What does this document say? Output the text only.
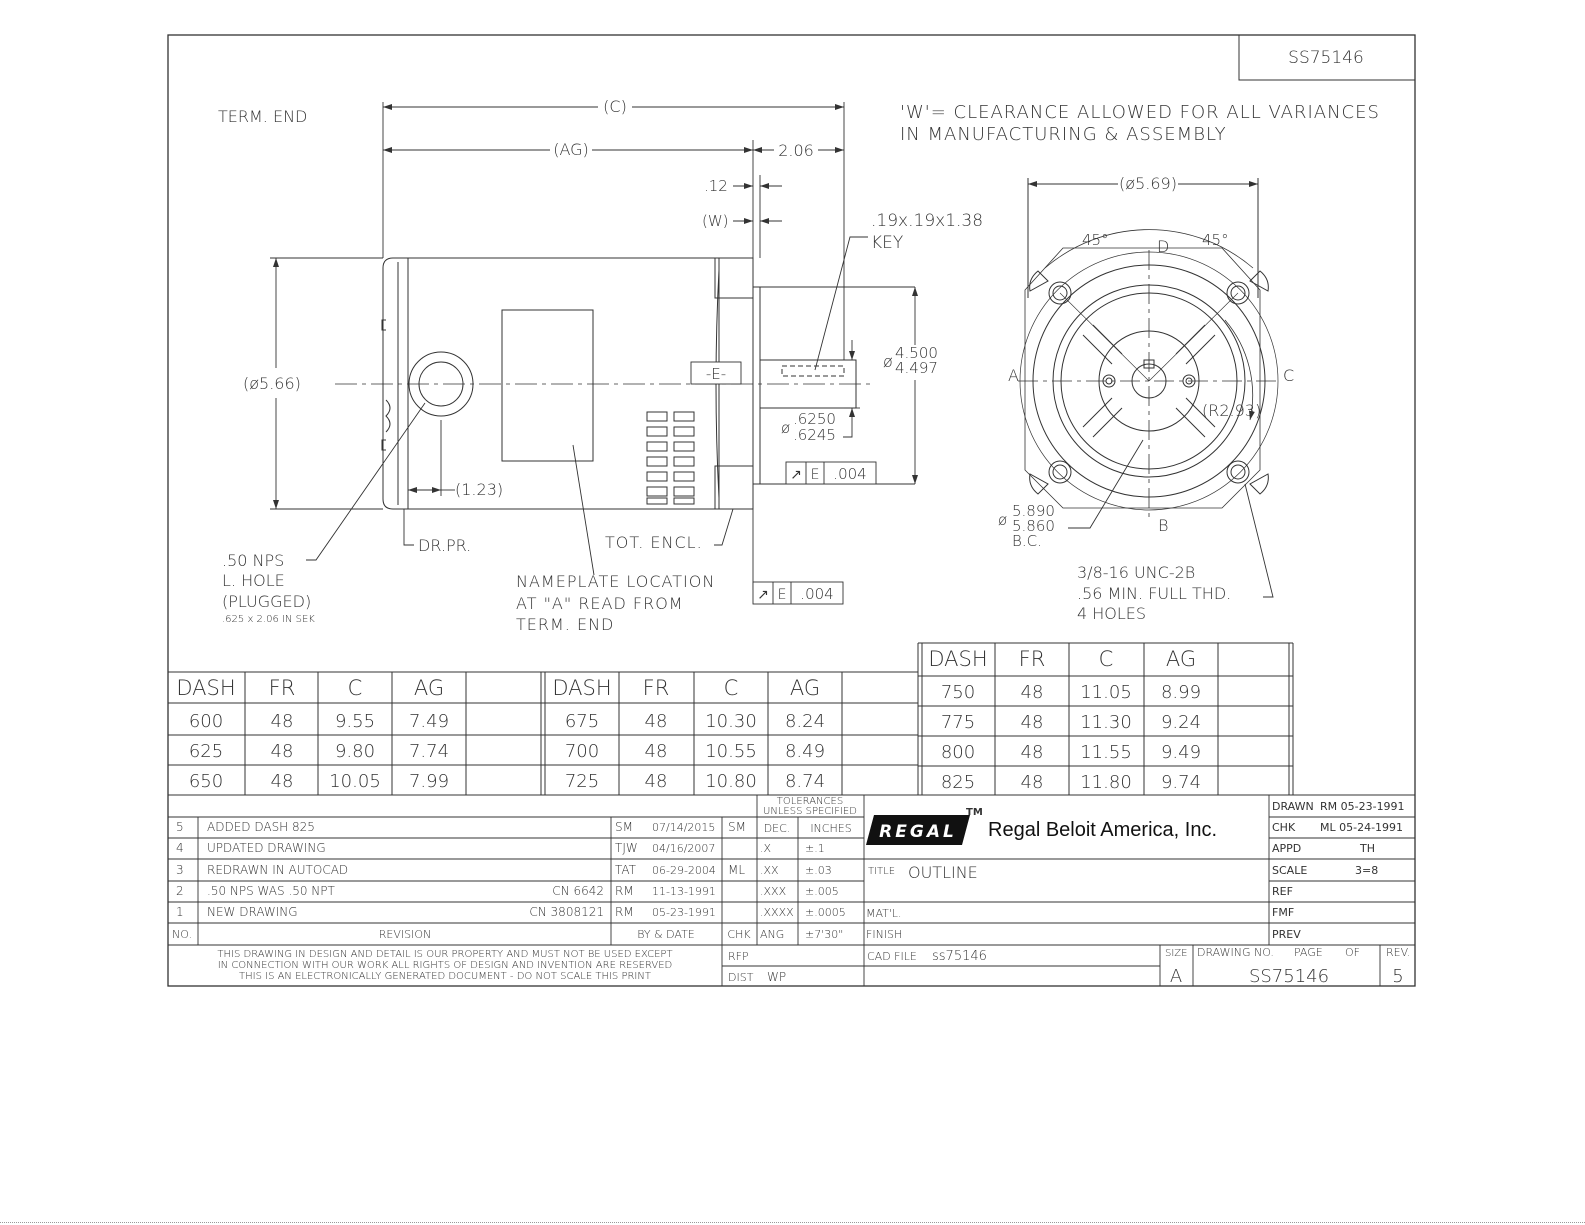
SS75146
TERM. END	'W'= CLEARANCE ALLOWED FOR ALL VARIANCES
IN MANUFACTURING & ASSEMBLY
(C)
(AG)	2.06
.12
(W)	.19x.19x1.38
KEY
(ø5.66)
ø 4.500
4.497
-E-
ø .6250
.6245
↗ E .004
↗ E .004
(1.23)
DR.PR.	TOT. ENCL.
.50 NPS
L. HOLE
(PLUGGED)
.625 x 2.06 IN SEK
NAMEPLATE LOCATION
AT "A" READ FROM
TERM. END
(ø5.69)
45°	45°
D
A	C
B
(R2.93)
ø 5.890
5.860
B.C.
3/8-16 UNC-2B
.56 MIN. FULL THD.
4 HOLES
DASH FR C AG
600	48 9.55 7.49
625	48 9.80 7.74
650	48 10.05 7.99
DASH FR	C AG
675	48 10.30 8.24
700	48 10.55 8.49
725	48 10.80 8.74
DASH FR	C	AG
750	48 11.05 8.99
775	48 11.30 9.24
800	48 11.55 9.49
825	48 11.80 9.74
5 ADDED DASH 825	SM 07/14/2015 SM
4 UPDATED DRAWING	TJW 04/16/2007
3 REDRAWN IN AUTOCAD	TAT 06-29-2004 ML
2 .50 NPS WAS .50 NPT	CN 6642 RM 11-13-1991
1 NEW DRAWING	CN 3808121 RM 05-23-1991
NO.	REVISION	BY & DATE	CHK
TOLERANCES
UNLESS SPECIFIED
DEC. INCHES
.X	±.1
.XX ±.03
.XXX ±.005
.XXXX ±.0005
ANG ±7'30"
THIS DRAWING IN DESIGN AND DETAIL IS OUR PROPERTY AND MUST NOT BE USED EXCEPT
IN CONNECTION WITH OUR WORK ALL RIGHTS OF DESIGN AND INVENTION ARE RESERVED
THIS IS AN ELECTRONICALLY GENERATED DOCUMENT - DO NOT SCALE THIS PRINT
REGAL
TM
Regal Beloit America, Inc.
TITLE OUTLINE
MAT'L.
FINISH
CAD FILE ss75146
RFP
DIST WP
SIZE
A
DRAWING NO. PAGE OF REV.
SS75146	5
DRAWN RM 05-23-1991
CHK ML 05-24-1991
APPD	TH
SCALE	3=8
REF
FMF
PREV
